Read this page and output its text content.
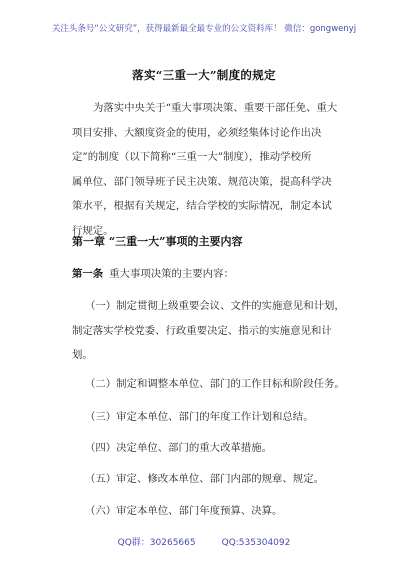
关注头条号“公文研究”，获得最新最全最专业的公文资料库！ 微信：gongwenyj
落实“三重一大”制度的规定
为落实中央关于“重大事项决策、重要干部任免、重大
项目安排、大额度资金的使用，必须经集体讨论作出决
定”的制度（以下简称“三重一大”制度），推动学校所
属单位、部门领导班子民主决策、规范决策，提高科学决
策水平，根据有关规定，结合学校的实际情况，制定本试
行规定。
第一章 “三重一大”事项的主要内容
第一条 重大事项决策的主要内容：
（一）制定贯彻上级重要会议、文件的实施意见和计划，
制定落实学校党委、行政重要决定、指示的实施意见和计
划。
（二）制定和调整本单位、部门的工作目标和阶段任务。
（三）审定本单位、部门的年度工作计划和总结。
（四）决定单位、部门的重大改革措施。
（五）审定、修改本单位、部门内部的规章、规定。
（六）审定本单位、部门年度预算、决算。
QQ群：30265665	QQ:535304092
